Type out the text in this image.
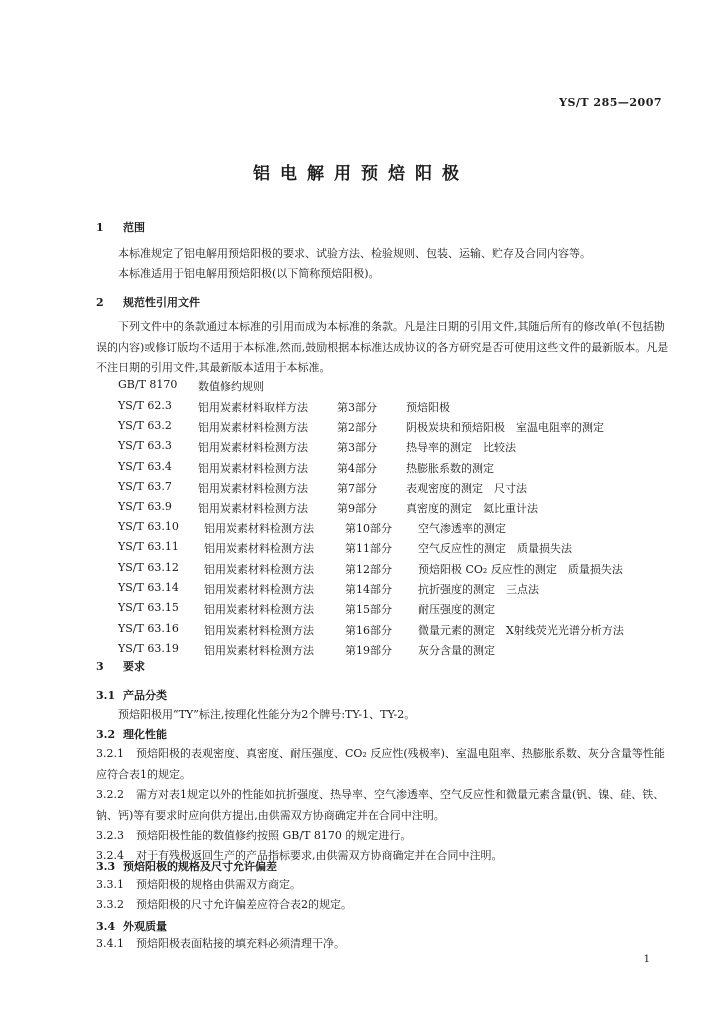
YS/T 285—2007
铝电解用预焙阳极
1 范围
本标准规定了铝电解用预焙阳极的要求、试验方法、检验规则、包装、运输、贮存及合同内容等。
本标准适用于铝电解用预焙阳极(以下简称预焙阳极)。
2 规范性引用文件
下列文件中的条款通过本标准的引用而成为本标准的条款。凡是注日期的引用文件,其随后所有的修改单(不包括勘误的内容)或修订版均不适用于本标准,然而,鼓励根据本标准达成协议的各方研究是否可使用这些文件的最新版本。凡是不注日期的引用文件,其最新版本适用于本标准。
GB/T 8170 数值修约规则
YS/T 62.3 铝用炭素材料取样方法	第3部分	预焙阳极
YS/T 63.2 铝用炭素材料检测方法	第2部分	阴极炭块和预焙阳极　室温电阻率的测定
YS/T 63.3 铝用炭素材料检测方法	第3部分	热导率的测定　比较法
YS/T 63.4 铝用炭素材料检测方法	第4部分	热膨胀系数的测定
YS/T 63.7 铝用炭素材料检测方法	第7部分	表观密度的测定　尺寸法
YS/T 63.9 铝用炭素材料检测方法	第9部分	真密度的测定　氦比重计法
YS/T 63.10 铝用炭素材料检测方法	第10部分 空气渗透率的测定
YS/T 63.11 铝用炭素材料检测方法	第11部分 空气反应性的测定　质量损失法
YS/T 63.12 铝用炭素材料检测方法	第12部分 预焙阳极 CO₂ 反应性的测定　质量损失法
YS/T 63.14 铝用炭素材料检测方法	第14部分 抗折强度的测定　三点法
YS/T 63.15 铝用炭素材料检测方法	第15部分 耐压强度的测定
YS/T 63.16 铝用炭素材料检测方法	第16部分 微量元素的测定　X射线荧光光谱分析方法
YS/T 63.19 铝用炭素材料检测方法	第19部分 灰分含量的测定
3 要求
3.1 产品分类
预焙阳极用“TY”标注,按理化性能分为2个牌号:TY-1、TY-2。
3.2 理化性能
3.2.1 预焙阳极的表观密度、真密度、耐压强度、CO₂ 反应性(残极率)、室温电阻率、热膨胀系数、灰分含量等性能应符合表1的规定。
3.2.2 需方对表1规定以外的性能如抗折强度、热导率、空气渗透率、空气反应性和微量元素含量(钒、镍、硅、铁、钠、钙)等有要求时应向供方提出,由供需双方协商确定并在合同中注明。
3.2.3 预焙阳极性能的数值修约按照 GB/T 8170 的规定进行。
3.2.4 对于有残极返回生产的产品指标要求,由供需双方协商确定并在合同中注明。
3.3 预焙阳极的规格及尺寸允许偏差
3.3.1 预焙阳极的规格由供需双方商定。
3.3.2 预焙阳极的尺寸允许偏差应符合表2的规定。
3.4 外观质量
3.4.1 预焙阳极表面粘接的填充料必须清理干净。
1
